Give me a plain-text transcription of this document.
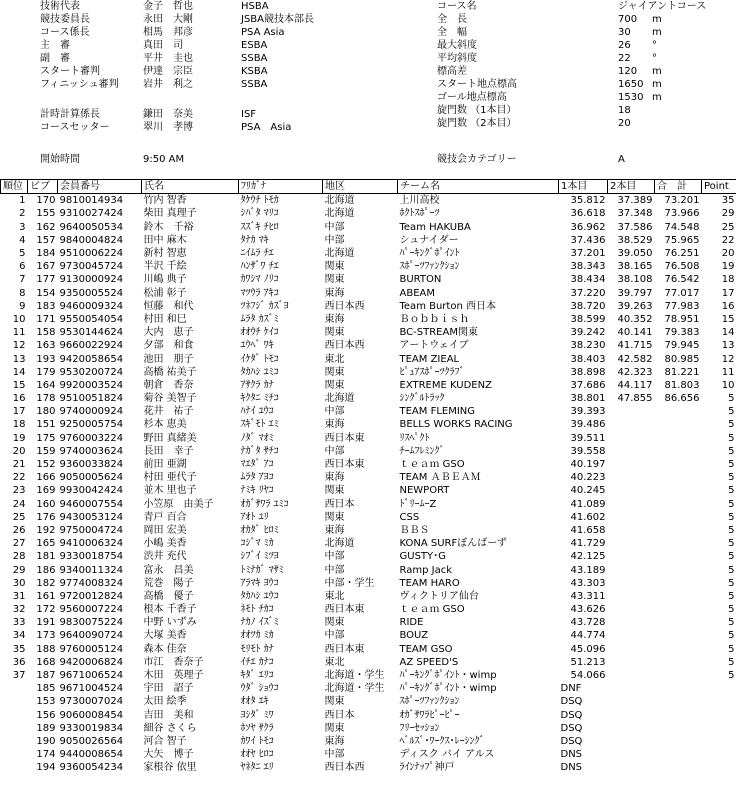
技術代表	金子　哲也	HSBA
競技委員長	永田　大剛	JSBA競技本部長
コース係長	相馬　邦彦	PSA Asia
主　審	真田　司	ESBA
副　審	平井　圭也	SSBA
スタート審判	伊達　宗臣	KSBA
フィニッシュ審判 岩井　利之	SSBA
計時計算係長	鎌田　奈美	ISF
コースセッター	翠川　孝博	PSA　Asia
コース名	ジャイアントコース
全　長	700 m
全　幅	30 m
最大斜度	26 °
平均斜度	22 °
標高差	120 m
スタート地点標高	1650 m
ゴール地点標高	1530 m
旋門数 （1本目）	18
旋門数 （2本目）	20
開始時間	9:50 AM	競技会カテゴリー	A
順位	ビブ	会員番号	氏名	ﾌﾘｶﾞﾅ	地区	チーム名	1本目	2本目	合　計	Point
1	170	9810014934	竹内 智香	ﾀｹｳﾁ ﾄﾓｶ	北海道	上川高校	35.812	37.389	73.201	35
2	155	9310027424	柴田 真理子	ｼﾊﾞﾀ ﾏﾘｺ	北海道	ﾎｸﾄｽﾎﾟｰﾂ	36.618	37.348	73.966	29
3	162	9640050534	鈴木　千裕	ｽｽﾞｷ ﾁﾋﾛ	中部	Team HAKUBA	36.962	37.586	74.548	25
4	157	9840004824	田中 麻木	ﾀﾅｶ ﾏｷ	中部	シュナイダー	37.436	38.529	75.965	22
5	184	9510006224	新村 智恵	ﾆｲﾑﾗ ﾁｴ	北海道	ﾊﾟｰｷﾝｸﾞﾎﾟｲﾝﾄ	37.201	39.050	76.251	20
6	167	9730045724	半沢 千絵	ﾊﾝｻﾞﾜ ﾁｴ	関東	ｽﾎﾟｰﾂﾌｧﾝｸｼｮﾝ	38.343	38.165	76.508	19
7	177	9130000924	川嶋 典子	ｶﾜｼﾏ ﾉﾘｺ	関東	BURTON	38.434	38.108	76.542	18
8	154	9350005524	松浦 彰子	ﾏﾂｳﾗ ｱｷｺ	東海	ABEAM	37.220	39.797	77.017	17
9	183	9460009324	恒藤　和代	ﾂﾈﾌｼﾞ ｶｽﾞﾖ	西日本西	Team Burton 西日本	38.720	39.263	77.983	16
10	171	9550054054	村田 和巳	ﾑﾗﾀ ｶｽﾞﾐ	東海	Ｂｏｂｂｉｓｈ	38.599	40.352	78.951	15
11	158	9530144624	大内　恵子	ｵｵｳﾁ ｹｲｺ	関東	BC-STREAM関東	39.242	40.141	79.383	14
12	163	9660022924	夕部　和食	ﾕｳﾍﾞ ﾜｷ	西日本西	アートウェイブ	38.230	41.715	79.945	13
13	193	9420058654	池田　朋子	ｲｹﾀﾞ ﾄﾓｺ	東北	TEAM ZIEAL	38.403	42.582	80.985	12
14	179	9530200724	高橋 祐美子	ﾀｶﾊｼ ﾕﾐｺ	関東	ﾋﾟｭｱｽﾎﾟｰﾂｸﾗﾌﾞ	38.898	42.323	81.221	11
15	164	9920003524	朝倉　香奈	ｱｻｸﾗ ｶﾅ	関東	EXTREME KUDENZ	37.686	44.117	81.803	10
16	178	9510051824	菊谷 美智子	ｷｸﾀﾆ ﾐﾁｺ	北海道	ｼﾝｸﾞﾙﾄﾗｯｸ	38.801	47.855	86.656	5
17	180	9740000924	花井　祐子	ﾊﾅｲ ﾕｳｺ	中部	TEAM FLEMING	39.393			5
18	151	9250005754	杉本 恵美	ｽｷﾞﾓﾄ ｴﾐ	東海	BELLS WORKS RACING	39.486			5
19	175	9760003224	野田 真緒美	ﾉﾀﾞ ﾏｵﾐ	西日本東	ﾘｽﾍﾟｸﾄ	39.511			5
20	159	9740003624	長田　幸子	ﾅｶﾞﾀ ｻﾁｺ	中部	ﾁｰﾑﾌﾚﾐﾝｸﾞ	39.558			5
21	152	9360033824	前田 亜湖	ﾏｴﾀﾞ ｱｺ	西日本東	ｔｅａｍ GSO	40.197			5
22	166	9050005624	村田 亜代子	ﾑﾗﾀ ｱﾖｺ	東海	TEAM ＡＢＥＡＭ	40.223			5
23	169	9930042424	並木 里也子	ﾅﾐｷ ﾘﾔｺ	関東	NEWPORT	40.245			5
24	160	9460007554	小笠原　由美子	ｵｶﾞｻﾜﾗ ﾕﾐｺ	西日本	ﾄﾞﾘｰﾑｰZ	41.089			5
25	176	9430053124	青戸 百合	ｱｵﾄ ﾕﾘ	関東	CSS	41.602			5
26	192	9750004724	岡田 宏美	ｵｶﾀﾞ ﾋﾛﾐ	東海	ＢＢＳ	41.658			5
27	165	9410006324	小嶋 美香	ｺｼﾞﾏ ﾐｶ	北海道	KONA SURFぼんばーず	41.729			5
28	181	9330018754	渋井 充代	ｼﾌﾞｲ ﾐﾂﾖ	中部	GUSTY･G	42.125			5
29	186	9340011324	富永　昌美	ﾄﾐﾅｶﾞ ﾏｻﾐ	中部	Ramp Jack	43.189			5
30	182	9774008324	荒巻　陽子	ｱﾗﾏｷ ﾖｳｺ	中部・学生	TEAM HARO	43.303			5
31	161	9720012824	高橋　優子	ﾀｶﾊｼ ﾕｳｺ	東北	ヴィクトリア仙台	43.311			5
32	172	9560007224	根本 千香子	ﾈﾓﾄ ﾁｶｺ	西日本東	ｔｅａｍ GSO	43.626			5
33	191	9830075224	中野 いずみ	ﾅｶﾉ ｲｽﾞﾐ	関東	RIDE	43.728			5
34	173	9640090724	大塚 美香	ｵｵﾂｶ ﾐｶ	中部	BOUZ	44.774			5
35	188	9760005124	森本 佳奈	ﾓﾘﾓﾄ ｶﾅ	西日本東	TEAM GSO	45.096			5
36	168	9420006824	市江　香奈子	ｲﾁｴ ｶﾅｺ	東北	AZ SPEED'S	51.213			5
37	187	9671006524	木田　英理子	ｷﾀﾞ ｴﾘｺ	北海道・学生	ﾊﾟｰｷﾝｸﾞﾎﾟｲﾝﾄ・wimp	54.066			5
	185	9671004524	宇田　詔子	ｳﾀﾞ ｼｮｳｺ	北海道・学生	ﾊﾟｰｷﾝｸﾞﾎﾟｲﾝﾄ・wimp	DNF			
	153	9730007024	太田 絵季	ｵｵﾀ ｴｷ	関東	ｽﾎﾟｰﾂﾌｧﾝｸｼｮﾝ	DSQ			
	156	9060008454	吉田　美和	ﾖｼﾀﾞ ﾐﾜ	西日本	ｵｶﾞｻﾜﾗﾋﾟｰﾋﾟｰ	DSQ			
	189	9330019834	細谷 さくら	ﾎｿﾔ ｻｸﾗ	関東	ﾌﾘｰｾｯｼｮﾝ	DSQ			
	190	9050026564	河合 智子	ｶﾜｲ ﾄﾓｺ	東海	ﾍﾞﾙｽﾞ･ﾜｰｸｽ･ﾚｰｼﾝｸﾞ	DSQ			
	174	9440008654	大矢　博子	ｵｵﾔ ﾋﾛｺ	中部	ディスク バイ アルス	DNS			
	194	9360054234	家根谷 依里	ﾔﾈﾀﾆ ｴﾘ	西日本西	ﾗｲﾝﾅｯﾌﾟ神戸	DNS			
